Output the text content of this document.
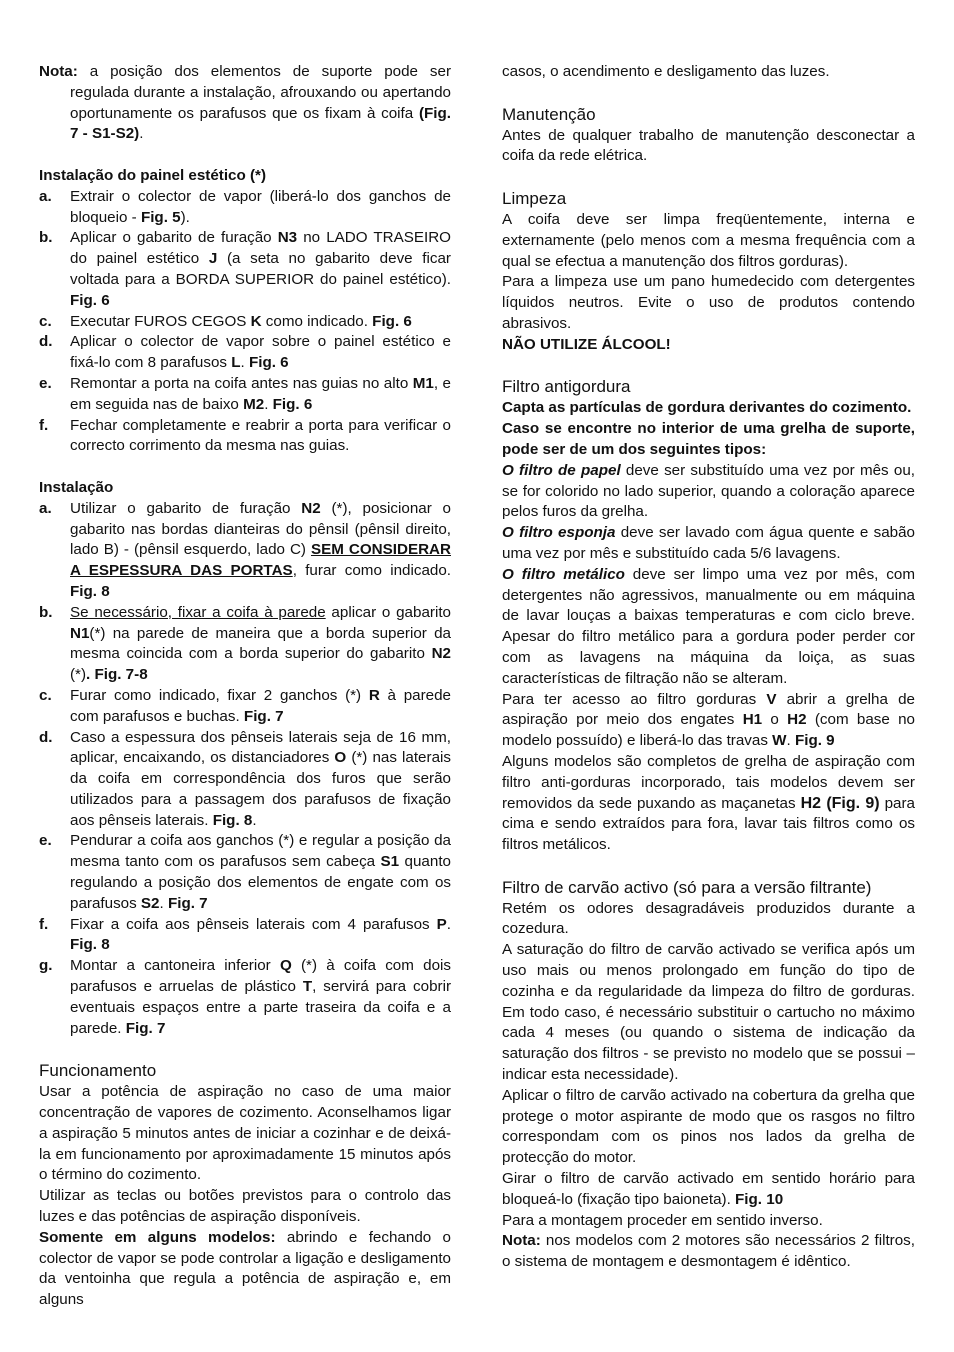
Nota: a posição dos elementos de suporte pode ser regulada durante a instalação, afrouxando ou apertando oportunamente os parafusos que os fixam à coifa (Fig. 7 - S1-S2).

Instalação do painel estético (*)

a.	Extrair o colector de vapor (liberá-lo dos ganchos de bloqueio - Fig. 5).
b.	Aplicar o gabarito de furação N3 no LADO TRASEIRO do painel estético J (a seta no gabarito deve ficar voltada para a BORDA SUPERIOR do painel estético). Fig. 6
c.	Executar FUROS CEGOS K como indicado. Fig. 6
d.	Aplicar o colector de vapor sobre o painel estético e fixá-lo com 8 parafusos L. Fig. 6
e.	Remontar a porta na coifa antes nas guias no alto M1, e em seguida nas de baixo M2. Fig. 6
f.	Fechar completamente e reabrir a porta para verificar o correcto corrimento da mesma nas guias.

Instalação

a.	Utilizar o gabarito de furação N2 (*), posicionar o gabarito nas bordas dianteiras do pênsil (pênsil direito, lado B) - (pênsil esquerdo, lado C) SEM CONSIDERAR A ESPESSURA DAS PORTAS, furar como indicado. Fig. 8
b.	Se necessário, fixar a coifa à parede aplicar o gabarito N1(*) na parede de maneira que a borda superior da mesma coincida com a borda superior do gabarito N2 (*). Fig. 7-8
c.	Furar como indicado, fixar 2 ganchos (*) R à parede com parafusos e buchas. Fig. 7
d.	Caso a espessura dos pênseis laterais seja de 16 mm, aplicar, encaixando, os distanciadores O (*) nas laterais da coifa em correspondência dos furos que serão utilizados para a passagem dos parafusos de fixação aos pênseis laterais. Fig. 8.
e.	Pendurar a coifa aos ganchos (*) e regular a posição da mesma tanto com os parafusos sem cabeça S1 quanto regulando a posição dos elementos de engate com os parafusos S2. Fig. 7
f.	Fixar a coifa aos pênseis laterais com 4 parafusos P. Fig. 8
g.	Montar a cantoneira inferior Q (*) à coifa com dois parafusos e arruelas de plástico T, servirá para cobrir eventuais espaços entre a parte traseira da coifa e a parede. Fig. 7
Funcionamento

Usar a potência de aspiração no caso de uma maior concentração de vapores de cozimento. Aconselhamos ligar a aspiração 5 minutos antes de iniciar a cozinhar e de deixá-la em funcionamento por aproximadamente 15 minutos após o término do cozimento.

Utilizar as teclas ou botões previstos para o controlo das luzes e das potências de aspiração disponíveis.

Somente em alguns modelos: abrindo e fechando o colector de vapor se pode controlar a ligação e desligamento da ventoinha que regula a potência de aspiração e, em alguns

casos, o acendimento e desligamento das luzes.

Manutenção

Antes de qualquer trabalho de manutenção desconectar a coifa da rede elétrica.

Limpeza

A coifa deve ser limpa freqüentemente, interna e externamente (pelo menos com a mesma frequência com a qual se efectua a manutenção dos filtros gorduras).

Para a limpeza use um pano humedecido com detergentes líquidos neutros. Evite o uso de produtos contendo abrasivos.

NÃO UTILIZE ÁLCOOL!

Filtro antigordura

Capta as partículas de gordura derivantes do cozimento.

Caso se encontre no interior de uma grelha de suporte, pode ser de um dos seguintes tipos:

O filtro de papel deve ser substituído uma vez por mês ou, se for colorido no lado superior, quando a coloração aparece pelos furos da grelha.

O filtro esponja deve ser lavado com água quente e sabão uma vez por mês e substituído cada 5/6 lavagens.

O filtro metálico deve ser limpo uma vez por mês, com detergentes não agressivos, manualmente ou em máquina de lavar louças a baixas temperaturas e com ciclo breve. Apesar do filtro metálico para a gordura poder perder cor com as lavagens na máquina da loiça, as suas características de filtração não se alteram.

Para ter acesso ao filtro gorduras V abrir a grelha de aspiração por meio dos engates H1 o H2 (com base no modelo possuído) e liberá-lo das travas W. Fig. 9

Alguns modelos são completos de grelha de aspiração com filtro anti-gorduras incorporado, tais modelos devem ser removidos da sede puxando as maçanetas H2 (Fig. 9) para cima e sendo extraídos para fora, lavar tais filtros como os filtros metálicos.

Filtro de carvão activo (só para a versão filtrante)

Retém os odores desagradáveis produzidos durante a cozedura.

A saturação do filtro de carvão activado se verifica após um uso mais ou menos prolongado em função do tipo de cozinha e da regularidade da limpeza do filtro de gorduras. Em todo caso, é necessário substituir o cartucho no máximo cada 4 meses (ou quando o sistema de indicação da saturação dos filtros - se previsto no modelo que se possui – indicar esta necessidade).

Aplicar o filtro de carvão activado na cobertura da grelha que protege o motor aspirante de modo que os rasgos no filtro correspondam com os pinos nos lados da grelha de protecção do motor.

Girar o filtro de carvão activado em sentido horário para bloqueá-lo (fixação tipo baioneta). Fig. 10

Para a montagem proceder em sentido inverso.

Nota: nos modelos com 2 motores são necessários 2 filtros, o sistema de montagem e desmontagem é idêntico.
